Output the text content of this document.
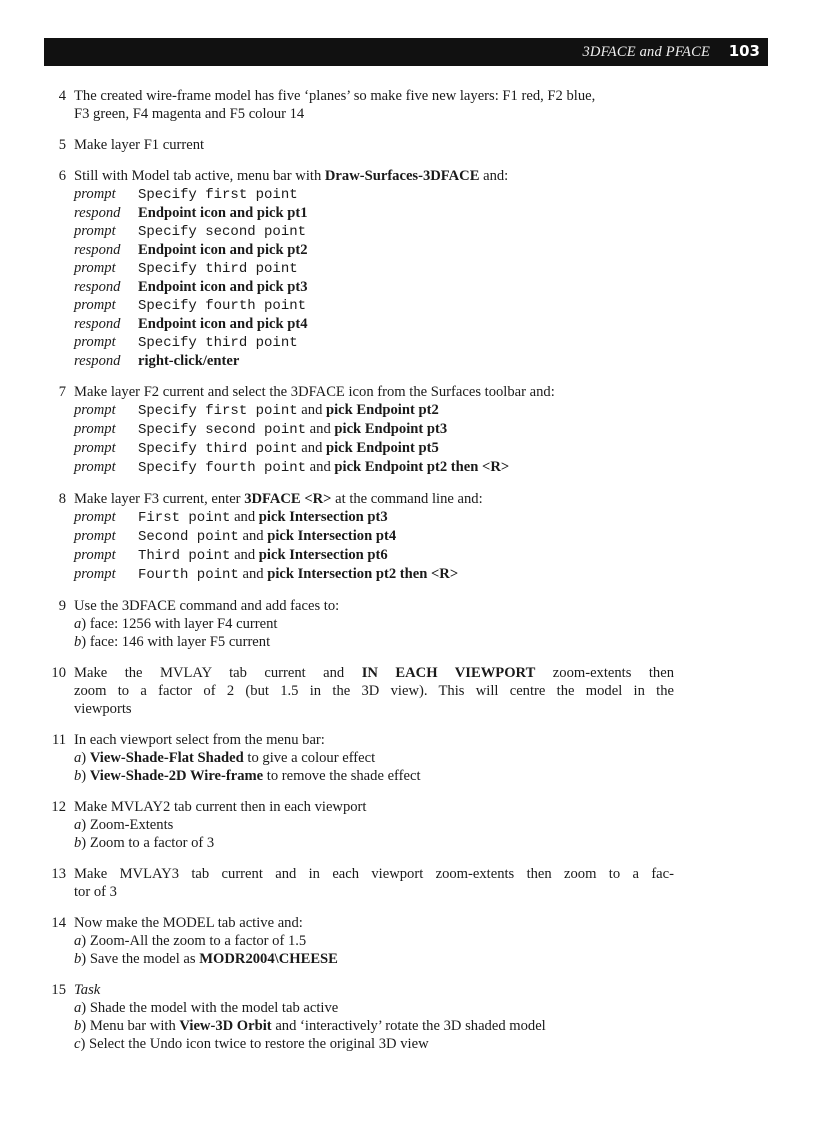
3DFACE and PFACE 103
4 The created wire-frame model has five ‘planes’ so make five new layers: F1 red, F2 blue,
F3 green, F4 magenta and F5 colour 14
5 Make layer F1 current
6 Still with Model tab active, menu bar with Draw-Surfaces-3DFACE and:
prompt Specify first point
respond Endpoint icon and pick pt1
prompt Specify second point
respond Endpoint icon and pick pt2
prompt Specify third point
respond Endpoint icon and pick pt3
prompt Specify fourth point
respond Endpoint icon and pick pt4
prompt Specify third point
respond right-click/enter
7 Make layer F2 current and select the 3DFACE icon from the Surfaces toolbar and:
prompt Specify first point and pick Endpoint pt2
prompt Specify second point and pick Endpoint pt3
prompt Specify third point and pick Endpoint pt5
prompt Specify fourth point and pick Endpoint pt2 then <R>
8 Make layer F3 current, enter 3DFACE <R> at the command line and:
prompt First point and pick Intersection pt3
prompt Second point and pick Intersection pt4
prompt Third point and pick Intersection pt6
prompt Fourth point and pick Intersection pt2 then <R>
9 Use the 3DFACE command and add faces to:
a) face: 1256 with layer F4 current
b) face: 146 with layer F5 current
10 Make the MVLAY tab current and IN EACH VIEWPORT zoom-extents then
zoom to a factor of 2 (but 1.5 in the 3D view). This will centre the model in the
viewports
11 In each viewport select from the menu bar:
a) View-Shade-Flat Shaded to give a colour effect
b) View-Shade-2D Wire-frame to remove the shade effect
12 Make MVLAY2 tab current then in each viewport
a) Zoom-Extents
b) Zoom to a factor of 3
13 Make MVLAY3 tab current and in each viewport zoom-extents then zoom to a fac-
tor of 3
14 Now make the MODEL tab active and:
a) Zoom-All the zoom to a factor of 1.5
b) Save the model as MODR2004\CHEESE
15 Task
a) Shade the model with the model tab active
b) Menu bar with View-3D Orbit and ‘interactively’ rotate the 3D shaded model
c) Select the Undo icon twice to restore the original 3D view
